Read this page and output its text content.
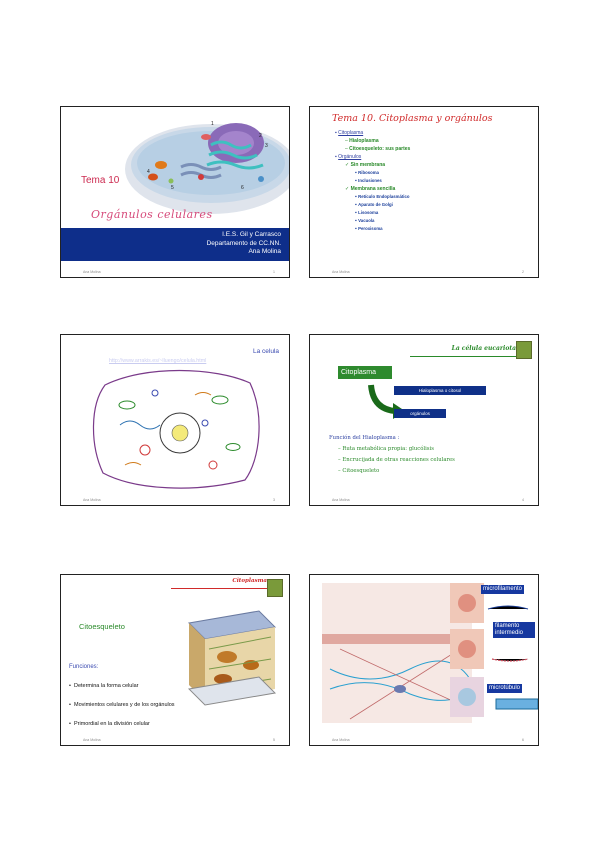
1
2
3
4
5	6
Tema 10
Orgánulos celulares
I.E.S. Gil y Carrasco
Departamento de CC.NN.
Ana Molina
Ana Molina	1
Tema 10. Citoplasma y orgánulos
▪ Citoplasma
– Hialoplasma
– Citoesqueleto: sus partes
▪ Orgánulos
✓ Sin membrana
▪ Ribosoma
▪ Inclusiones
✓ Membrana sencilla
▪ Retículo Endoplasmático
▪ Aparato de Golgi
▪ Lisosoma
▪ Vacuola
▪ Peroxisoma
Ana Molina	2
La celula
http://www.arrakis.es/~lluengo/celula.html
Ana Molina	3
La célula eucariota
Citoplasma
Hialoplasma o citosol
orgánulos
Función del Hialoplasma :
– Ruta metabólica propia: glucólisis
– Encrucijada de otras reacciones celulares
– Citoesqueleto
Ana Molina	4
Citoplasma
Citoesqueleto
Funciones:
•  Determina la forma celular
•  Movimientos celulares y de los orgánulos
•  Primordial en la división celular
Ana Molina	5
microfilamento
filamento intermedio
microtúbulo
Ana Molina	6
